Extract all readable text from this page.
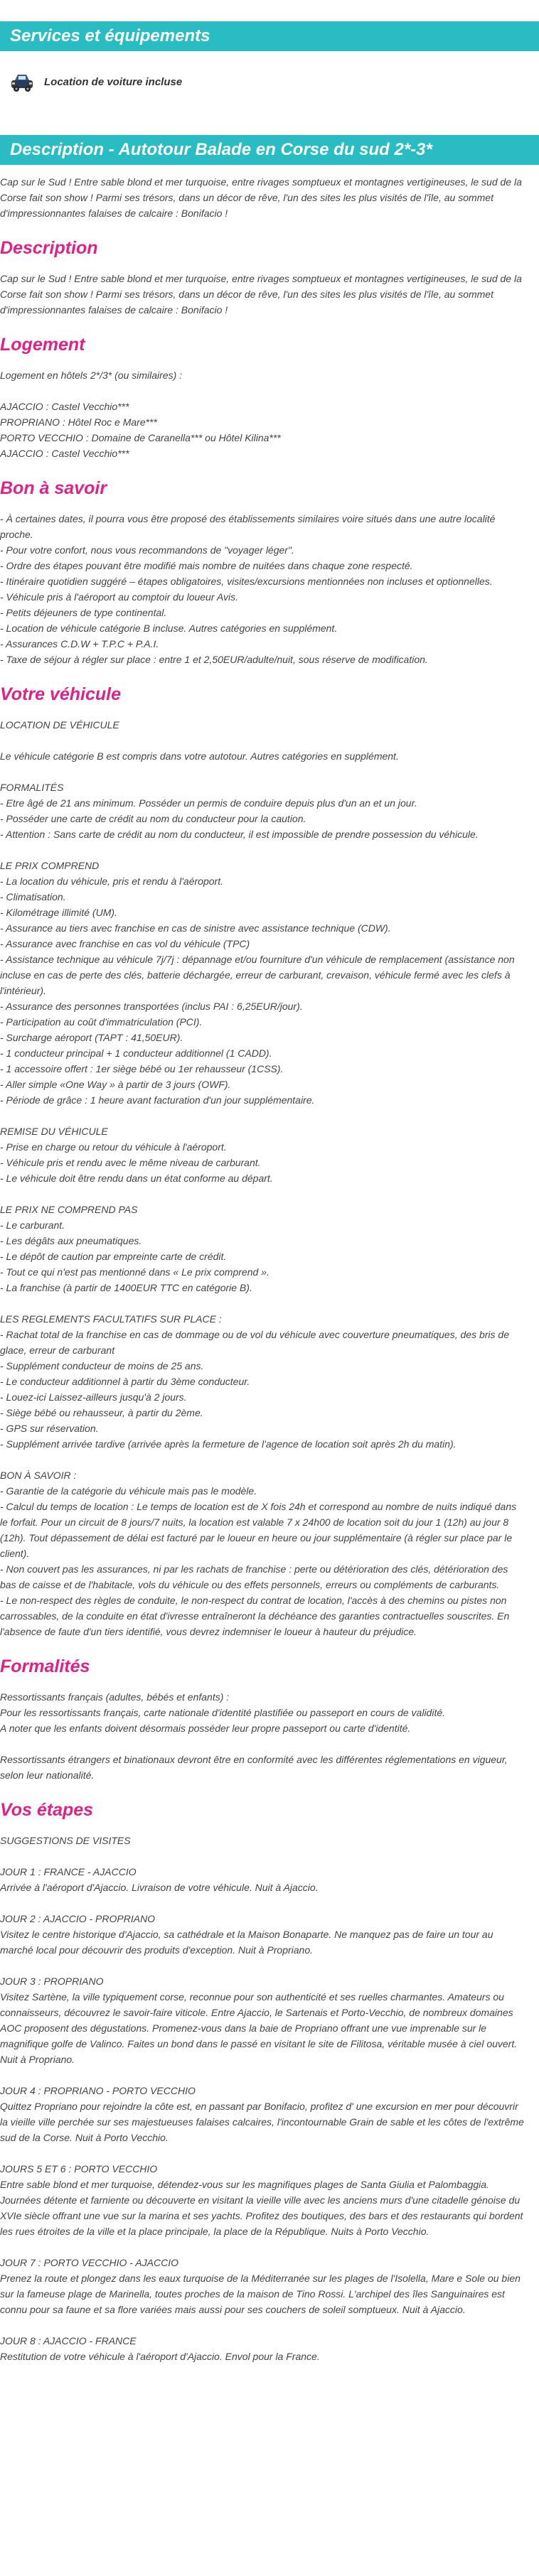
Services et équipements
Location de voiture incluse
Description - Autotour Balade en Corse du sud 2*-3*

Cap sur le Sud ! Entre sable blond et mer turquoise, entre rivages somptueux et montagnes vertigineuses, le sud de la Corse fait son show ! Parmi ses trésors, dans un décor de rêve, l'un des sites les plus visités de l'île, au sommet d'impressionnantes falaises de calcaire : Bonifacio !

Description

Cap sur le Sud ! Entre sable blond et mer turquoise, entre rivages somptueux et montagnes vertigineuses, le sud de la Corse fait son show ! Parmi ses trésors, dans un décor de rêve, l'un des sites les plus visités de l'île, au sommet d'impressionnantes falaises de calcaire : Bonifacio !

Logement

Logement en hôtels 2*/3* (ou similaires) :

AJACCIO : Castel Vecchio***
PROPRIANO : Hôtel Roc e Mare***
PORTO VECCHIO : Domaine de Caranella*** ou Hôtel Kilina***
AJACCIO : Castel Vecchio***

Bon à savoir

- À certaines dates, il pourra vous être proposé des établissements similaires voire situés dans une autre localité proche.
- Pour votre confort, nous vous recommandons de "voyager léger".
- Ordre des étapes pouvant être modifié mais nombre de nuitées dans chaque zone respecté.
- Itinéraire quotidien suggéré – étapes obligatoires, visites/excursions mentionnées non incluses et optionnelles.
- Véhicule pris à l'aéroport au comptoir du loueur Avis.
- Petits déjeuners de type continental.
- Location de véhicule catégorie B incluse. Autres catégories en supplément.
- Assurances C.D.W + T.P.C + P.A.I.
- Taxe de séjour à régler sur place : entre 1 et 2,50EUR/adulte/nuit, sous réserve de modification.

Votre véhicule

LOCATION DE VÉHICULE

Le véhicule catégorie B est compris dans votre autotour. Autres catégories en supplément.

FORMALITÉS
- Etre âgé de 21 ans minimum. Posséder un permis de conduire depuis plus d'un an et un jour.
- Posséder une carte de crédit au nom du conducteur pour la caution.
- Attention : Sans carte de crédit au nom du conducteur, il est impossible de prendre possession du véhicule.

LE PRIX COMPREND
- La location du véhicule, pris et rendu à l'aéroport.
- Climatisation.
- Kilométrage illimité (UM).
- Assurance au tiers avec franchise en cas de sinistre avec assistance technique (CDW).
- Assurance avec franchise en cas vol du véhicule (TPC)
- Assistance technique au véhicule 7j/7j : dépannage et/ou fourniture d'un véhicule de remplacement (assistance non incluse en cas de perte des clés, batterie déchargée, erreur de carburant, crevaison, véhicule fermé avec les clefs à l'intérieur).
- Assurance des personnes transportées (inclus PAI : 6,25EUR/jour).
- Participation au coût d'immatriculation (PCI).
- Surcharge aéroport (TAPT : 41,50EUR).
- 1 conducteur principal + 1 conducteur additionnel (1 CADD).
- 1 accessoire offert : 1er siège bébé ou 1er rehausseur (1CSS).
- Aller simple «One Way » à partir de 3 jours (OWF).
- Période de grâce : 1 heure avant facturation d'un jour supplémentaire.

REMISE DU VÉHICULE
- Prise en charge ou retour du véhicule à l'aéroport.
- Véhicule pris et rendu avec le même niveau de carburant.
- Le véhicule doit être rendu dans un état conforme au départ.

LE PRIX NE COMPREND PAS
- Le carburant.
- Les dégâts aux pneumatiques.
- Le dépôt de caution par empreinte carte de crédit.
- Tout ce qui n'est pas mentionné dans « Le prix comprend ».
- La franchise (à partir de 1400EUR TTC en catégorie B).

LES REGLEMENTS FACULTATIFS SUR PLACE :
- Rachat total de la franchise en cas de dommage ou de vol du véhicule avec couverture pneumatiques, des bris de glace, erreur de carburant
- Supplément conducteur de moins de 25 ans.
- Le conducteur additionnel à partir du 3ème conducteur.
- Louez-ici Laissez-ailleurs jusqu'à 2 jours.
- Siège bébé ou rehausseur, à partir du 2ème.
- GPS sur réservation.
- Supplément arrivée tardive (arrivée après la fermeture de l'agence de location soit après 2h du matin).

BON À SAVOIR :
- Garantie de la catégorie du véhicule mais pas le modèle.
- Calcul du temps de location : Le temps de location est de X fois 24h et correspond au nombre de nuits indiqué dans le forfait. Pour un circuit de 8 jours/7 nuits, la location est valable 7 x 24h00 de location soit du jour 1 (12h) au jour 8 (12h). Tout dépassement de délai est facturé par le loueur en heure ou jour supplémentaire (à régler sur place par le client).
- Non couvert pas les assurances, ni par les rachats de franchise : perte ou détérioration des clés, détérioration des bas de caisse et de l'habitacle, vols du véhicule ou des effets personnels, erreurs ou compléments de carburants.
- Le non-respect des règles de conduite, le non-respect du contrat de location, l'accès à des chemins ou pistes non carrossables, de la conduite en état d'ivresse entraîneront la déchéance des garanties contractuelles souscrites. En l'absence de faute d'un tiers identifié, vous devrez indemniser le loueur à hauteur du préjudice.

Formalités

Ressortissants français (adultes, bébés et enfants) :
Pour les ressortissants français, carte nationale d'identité plastifiée ou passeport en cours de validité.
A noter que les enfants doivent désormais posséder leur propre passeport ou carte d'identité.

Ressortissants étrangers et binationaux devront être en conformité avec les différentes réglementations en vigueur, selon leur nationalité.

Vos étapes

SUGGESTIONS DE VISITES

JOUR 1 : FRANCE - AJACCIO
Arrivée à l'aéroport d'Ajaccio. Livraison de votre véhicule. Nuit à Ajaccio.

JOUR 2 : AJACCIO - PROPRIANO
Visitez le centre historique d'Ajaccio, sa cathédrale et la Maison Bonaparte. Ne manquez pas de faire un tour au marché local pour découvrir des produits d'exception. Nuit à Propriano.

JOUR 3 : PROPRIANO
Visitez Sartène, la ville typiquement corse, reconnue pour son authenticité et ses ruelles charmantes. Amateurs ou connaisseurs, découvrez le savoir-faire viticole. Entre Ajaccio, le Sartenais et Porto-Vecchio, de nombreux domaines AOC proposent des dégustations. Promenez-vous dans la baie de Propriano offrant une vue imprenable sur le magnifique golfe de Valinco. Faites un bond dans le passé en visitant le site de Filitosa, véritable musée à ciel ouvert. Nuit à Propriano.

JOUR 4 : PROPRIANO - PORTO VECCHIO
Quittez Propriano pour rejoindre la côte est, en passant par Bonifacio, profitez d' une excursion en mer pour découvrir la vieille ville perchée sur ses majestueuses falaises calcaires, l'incontournable Grain de sable et les côtes de l'extrême sud de la Corse. Nuit à Porto Vecchio.

JOURS 5 ET 6 : PORTO VECCHIO
Entre sable blond et mer turquoise, détendez-vous sur les magnifiques plages de Santa Giulia et Palombaggia. Journées détente et farniente ou découverte en visitant la vieille ville avec les anciens murs d'une citadelle génoise du XVIe siècle offrant une vue sur la marina et ses yachts. Profitez des boutiques, des bars et des restaurants qui bordent les rues étroites de la ville et la place principale, la place de la République. Nuits à Porto Vecchio.

JOUR 7 : PORTO VECCHIO - AJACCIO
Prenez la route et plongez dans les eaux turquoise de la Méditerranée sur les plages de l'Isolella, Mare e Sole ou bien sur la fameuse plage de Marinella, toutes proches de la maison de Tino Rossi. L'archipel des îles Sanguinaires est connu pour sa faune et sa flore variées mais aussi pour ses couchers de soleil somptueux. Nuit à Ajaccio.

JOUR 8 : AJACCIO - FRANCE
Restitution de votre véhicule à l'aéroport d'Ajaccio. Envol pour la France.
